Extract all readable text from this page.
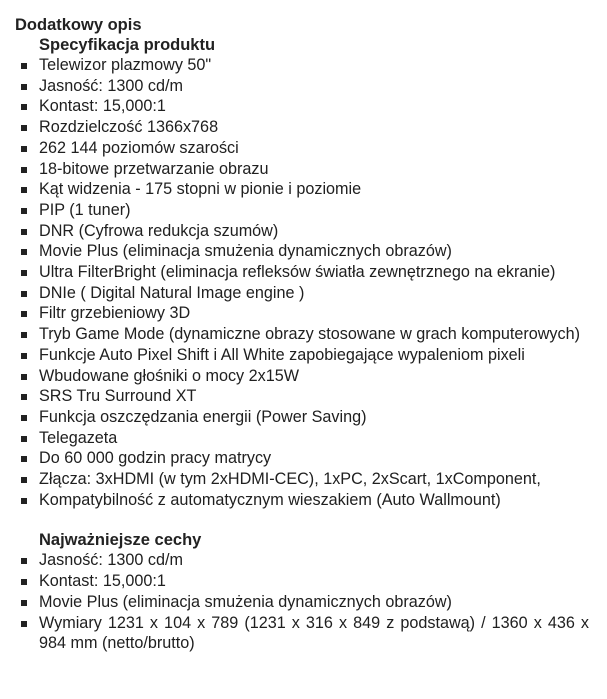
Dodatkowy opis
Specyfikacja produktu
Telewizor plazmowy 50"
Jasność: 1300 cd/m
Kontast: 15,000:1
Rozdzielczość 1366x768
262 144 poziomów szarości
18-bitowe przetwarzanie obrazu
Kąt widzenia - 175 stopni w pionie i poziomie
PIP (1 tuner)
DNR (Cyfrowa redukcja szumów)
Movie Plus (eliminacja smużenia dynamicznych obrazów)
Ultra FilterBright (eliminacja refleksów światła zewnętrznego na ekranie)
DNIe ( Digital Natural Image engine )
Filtr grzebieniowy 3D
Tryb Game Mode (dynamiczne obrazy stosowane w grach komputerowych)
Funkcje Auto Pixel Shift i All White zapobiegające wypaleniom pixeli
Wbudowane głośniki o mocy 2x15W
SRS Tru Surround XT
Funkcja oszczędzania energii (Power Saving)
Telegazeta
Do 60 000 godzin pracy matrycy
Złącza: 3xHDMI (w tym 2xHDMI-CEC), 1xPC, 2xScart, 1xComponent,
Kompatybilność z automatycznym wieszakiem (Auto Wallmount)
Najważniejsze cechy
Jasność: 1300 cd/m
Kontast: 15,000:1
Movie Plus (eliminacja smużenia dynamicznych obrazów)
Wymiary 1231 x 104 x 789 (1231 x 316 x 849 z podstawą) / 1360 x 436 x 984 mm (netto/brutto)
